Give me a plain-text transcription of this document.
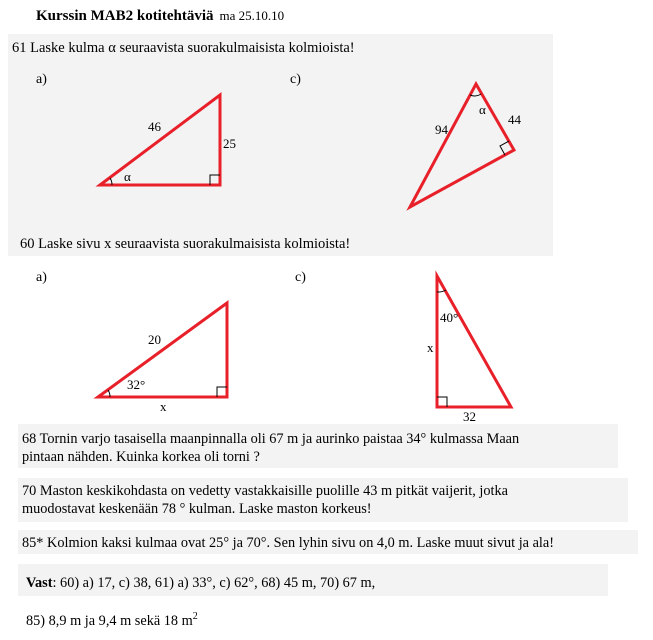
Kurssin MAB2 kotitehtäviä ma 25.10.10
61 Laske kulma α seuraavista suorakulmaisista kolmioista!
a)	c)
60 Laske sivu x seuraavista suorakulmaisista kolmioista!
a)	c)
46
25
α
94
44
α
20
32°
x
x
40°
32
68 Tornin varjo tasaisella maanpinnalla oli 67 m ja aurinko paistaa 34° kulmassa Maan
pintaan nähden. Kuinka korkea oli torni ?
70 Maston keskikohdasta on vedetty vastakkaisille puolille 43 m pitkät vaijerit, jotka
muodostavat keskenään 78 ° kulman. Laske maston korkeus!
85* Kolmion kaksi kulmaa ovat 25° ja 70°. Sen lyhin sivu on 4,0 m. Laske muut sivut ja ala!
Vast: 60) a) 17, c) 38, 61) a) 33°, c) 62°, 68) 45 m, 70) 67 m,
85) 8,9 m ja 9,4 m sekä 18 $m^2$
